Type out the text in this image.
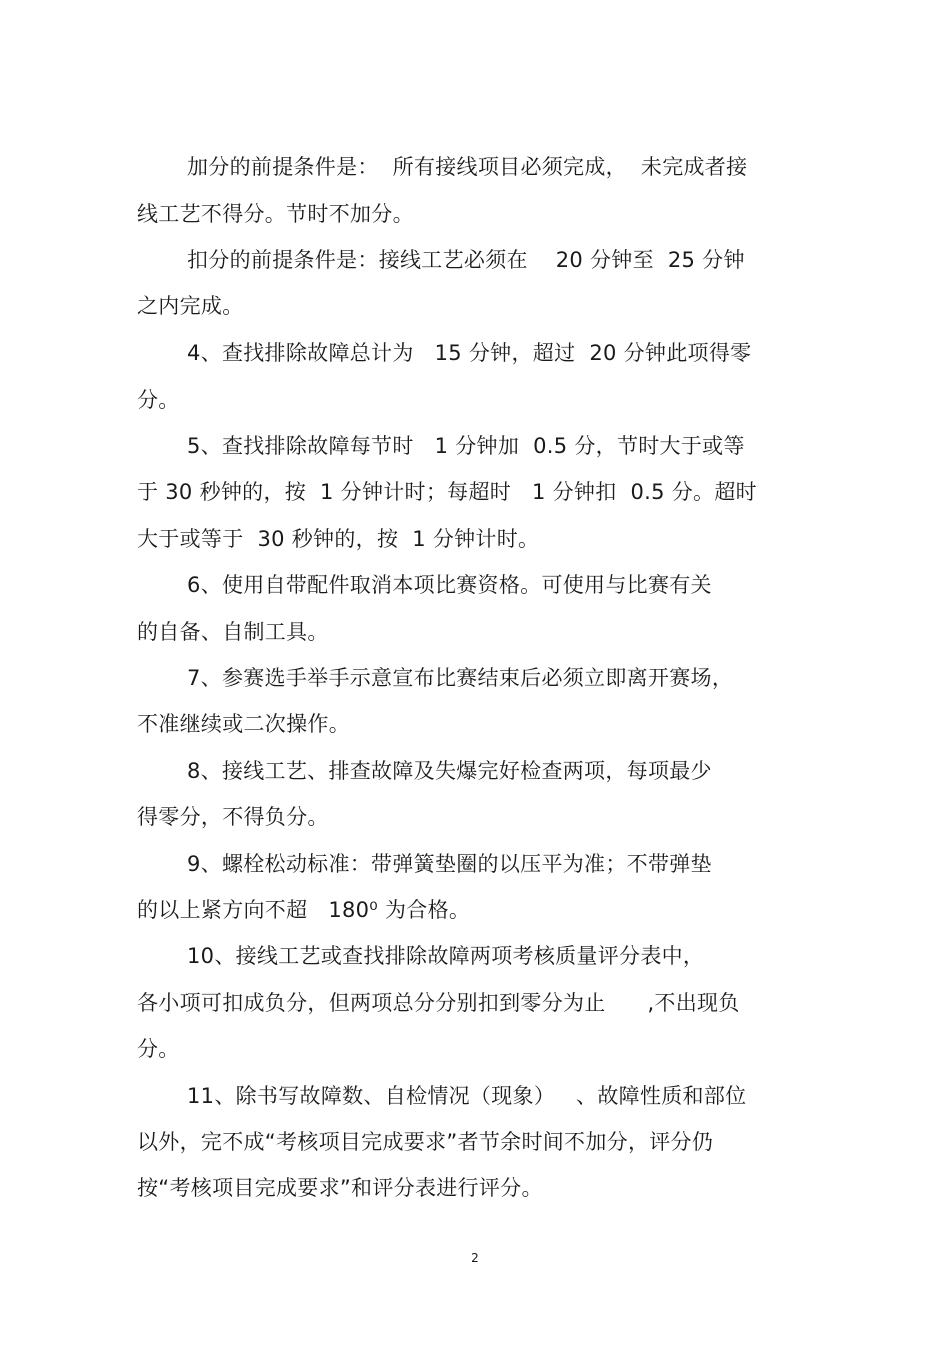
加分的前提条件是：  所有接线项目必须完成，  未完成者接
线工艺不得分。节时不加分。
扣分的前提条件是：接线工艺必须在    20 分钟至  25 分钟
之内完成。
4、查找排除故障总计为   15 分钟，超过  20 分钟此项得零
分。
5、查找排除故障每节时   1 分钟加  0.5 分，节时大于或等
于 30 秒钟的，按  1 分钟计时；每超时   1 分钟扣  0.5 分。超时
大于或等于  30 秒钟的，按  1 分钟计时。
6、使用自带配件取消本项比赛资格。可使用与比赛有关
的自备、自制工具。
7、参赛选手举手示意宣布比赛结束后必须立即离开赛场，
不准继续或二次操作。
8、接线工艺、排查故障及失爆完好检查两项，每项最少
得零分，不得负分。
9、螺栓松动标准：带弹簧垫圈的以压平为准；不带弹垫
的以上紧方向不超   180⁰ 为合格。
10、接线工艺或查找排除故障两项考核质量评分表中，
各小项可扣成负分，但两项总分分别扣到零分为止      ,不出现负
分。
11、除书写故障数、自检情况（现象）   、故障性质和部位
以外，完不成“考核项目完成要求”者节余时间不加分，评分仍
按“考核项目完成要求”和评分表进行评分。
2
